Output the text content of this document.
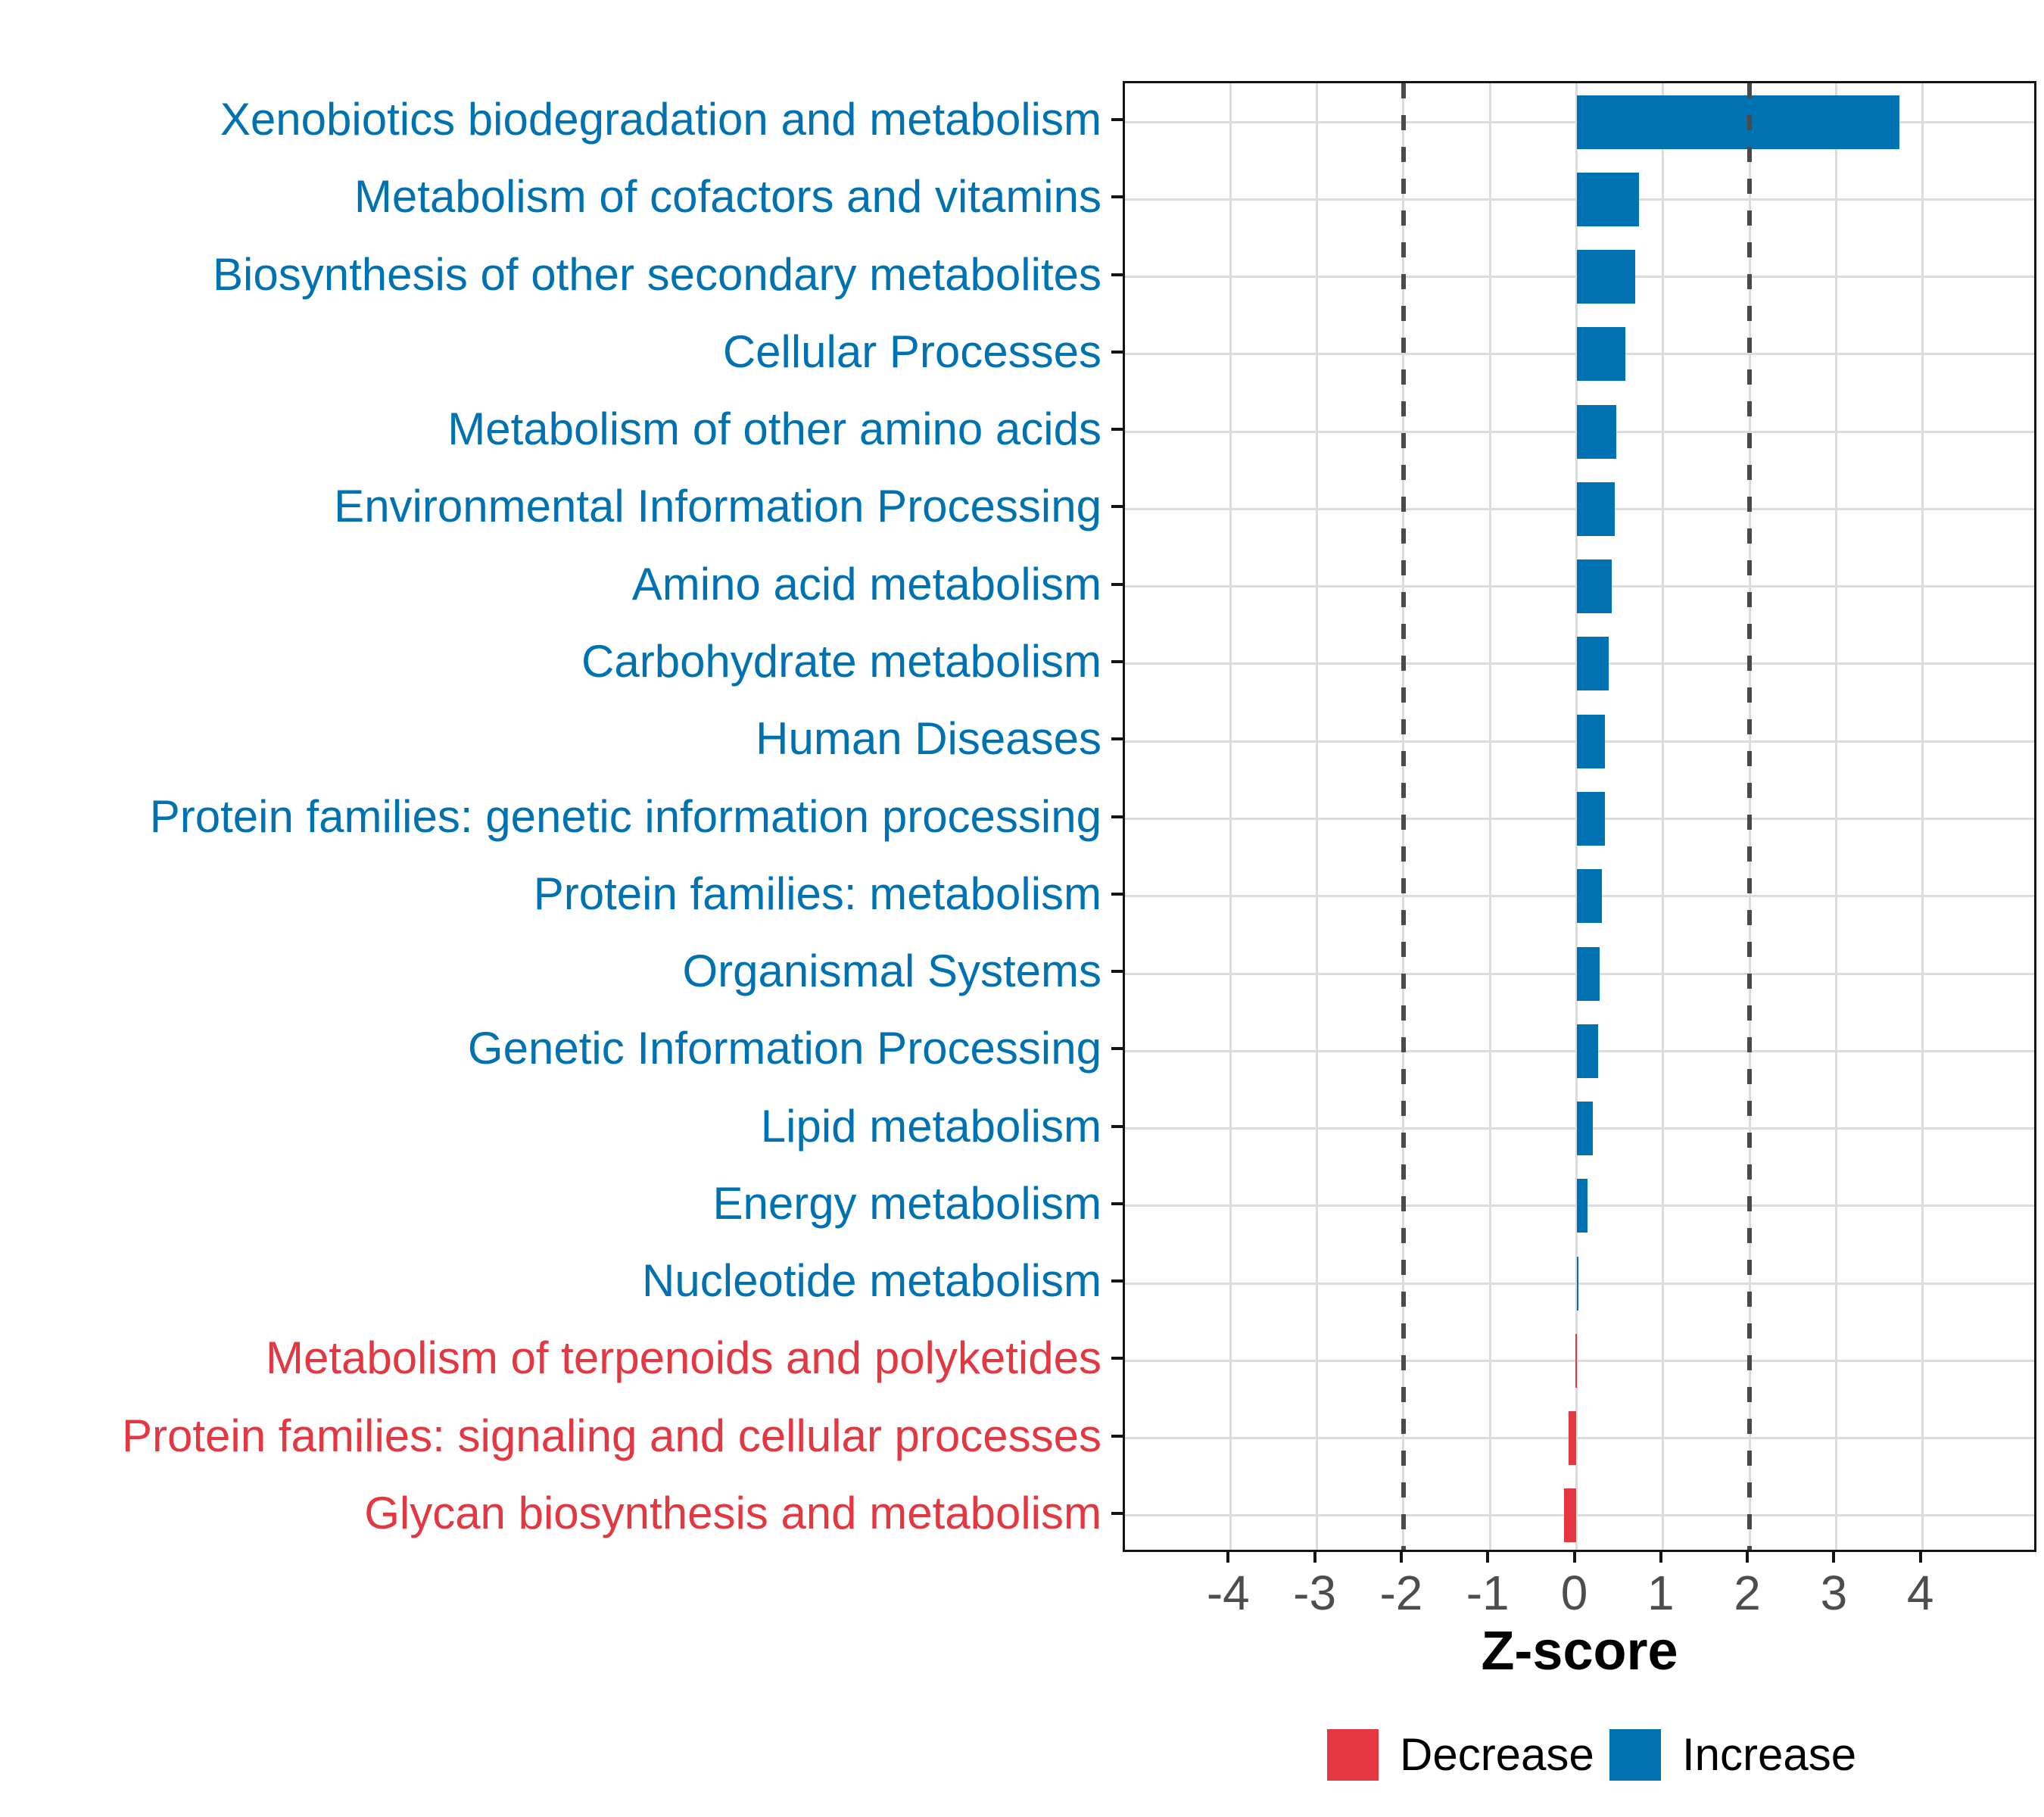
Xenobiotics biodegradation and metabolism
Metabolism of cofactors and vitamins
Biosynthesis of other secondary metabolites
Cellular Processes
Metabolism of other amino acids
Environmental Information Processing
Amino acid metabolism
Carbohydrate metabolism
Human Diseases
Protein families: genetic information processing
Protein families: metabolism
Organismal Systems
Genetic Information Processing
Lipid metabolism
Energy metabolism
Nucleotide metabolism
Metabolism of terpenoids and polyketides
Protein families: signaling and cellular processes
Glycan biosynthesis and metabolism
-4 -3 -2 -1	0	1	2	3	4
Z-score
Decrease Increase
